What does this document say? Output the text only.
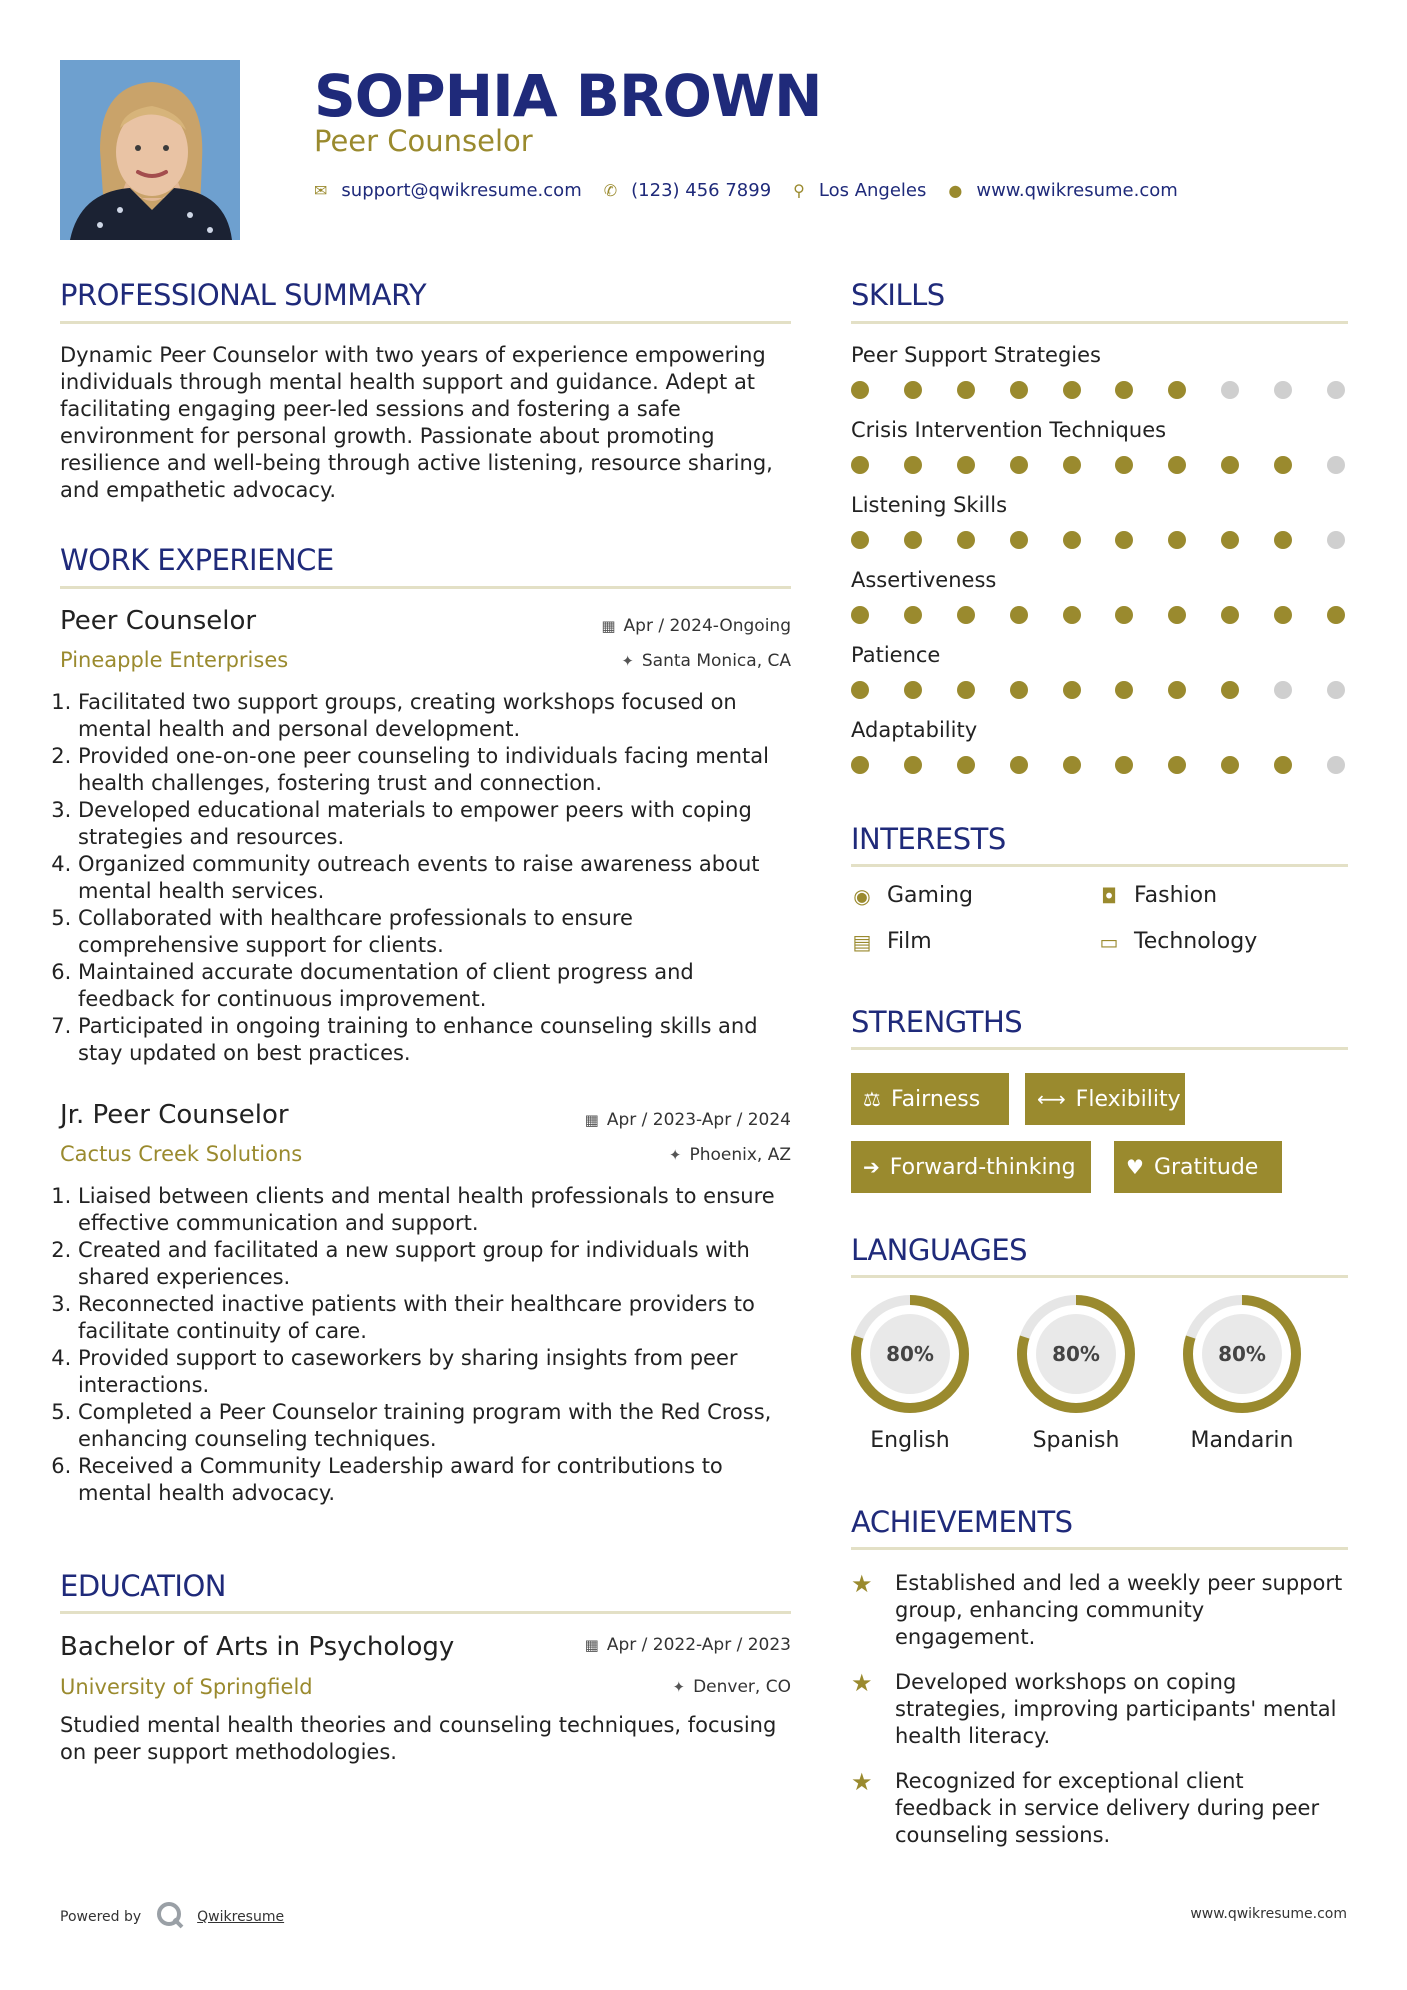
SOPHIA BROWN
Peer Counselor
✉ support@qwikresume.com ✆ (123) 456 7899 ⚲ Los Angeles ● www.qwikresume.com
PROFESSIONAL SUMMARY
Dynamic Peer Counselor with two years of experience empowering individuals through mental health support and guidance. Adept at facilitating engaging peer-led sessions and fostering a safe environment for personal growth. Passionate about promoting resilience and well-being through active listening, resource sharing, and empathetic advocacy.
WORK EXPERIENCE
Peer Counselor	▦ Apr / 2024-Ongoing
Pineapple Enterprises	✦ Santa Monica, CA
1. Facilitated two support groups, creating workshops focused on mental health and personal development.
2. Provided one-on-one peer counseling to individuals facing mental health challenges, fostering trust and connection.
3. Developed educational materials to empower peers with coping strategies and resources.
4. Organized community outreach events to raise awareness about mental health services.
5. Collaborated with healthcare professionals to ensure comprehensive support for clients.
6. Maintained accurate documentation of client progress and feedback for continuous improvement.
7. Participated in ongoing training to enhance counseling skills and stay updated on best practices.
Jr. Peer Counselor	▦ Apr / 2023-Apr / 2024
Cactus Creek Solutions	✦ Phoenix, AZ
1. Liaised between clients and mental health professionals to ensure effective communication and support.
2. Created and facilitated a new support group for individuals with shared experiences.
3. Reconnected inactive patients with their healthcare providers to facilitate continuity of care.
4. Provided support to caseworkers by sharing insights from peer interactions.
5. Completed a Peer Counselor training program with the Red Cross, enhancing counseling techniques.
6. Received a Community Leadership award for contributions to mental health advocacy.
EDUCATION
Bachelor of Arts in Psychology	▦ Apr / 2022-Apr / 2023
University of Springfield	✦ Denver, CO
Studied mental health theories and counseling techniques, focusing on peer support methodologies.
SKILLS
Peer Support Strategies
Crisis Intervention Techniques
Listening Skills
Assertiveness
Patience
Adaptability
INTERESTS
◉ Gaming	◘ Fashion
▤ Film	▭ Technology
STRENGTHS
⚖ Fairness	⟷ Flexibility
➔ Forward-thinking	♥ Gratitude
LANGUAGES
80%
English
80%
Spanish
80%
Mandarin
ACHIEVEMENTS
★	Established and led a weekly peer support group, enhancing community engagement.
★	Developed workshops on coping strategies, improving participants' mental health literacy.
★	Recognized for exceptional client feedback in service delivery during peer counseling sessions.
Powered by	Qwikresume	www.qwikresume.com
